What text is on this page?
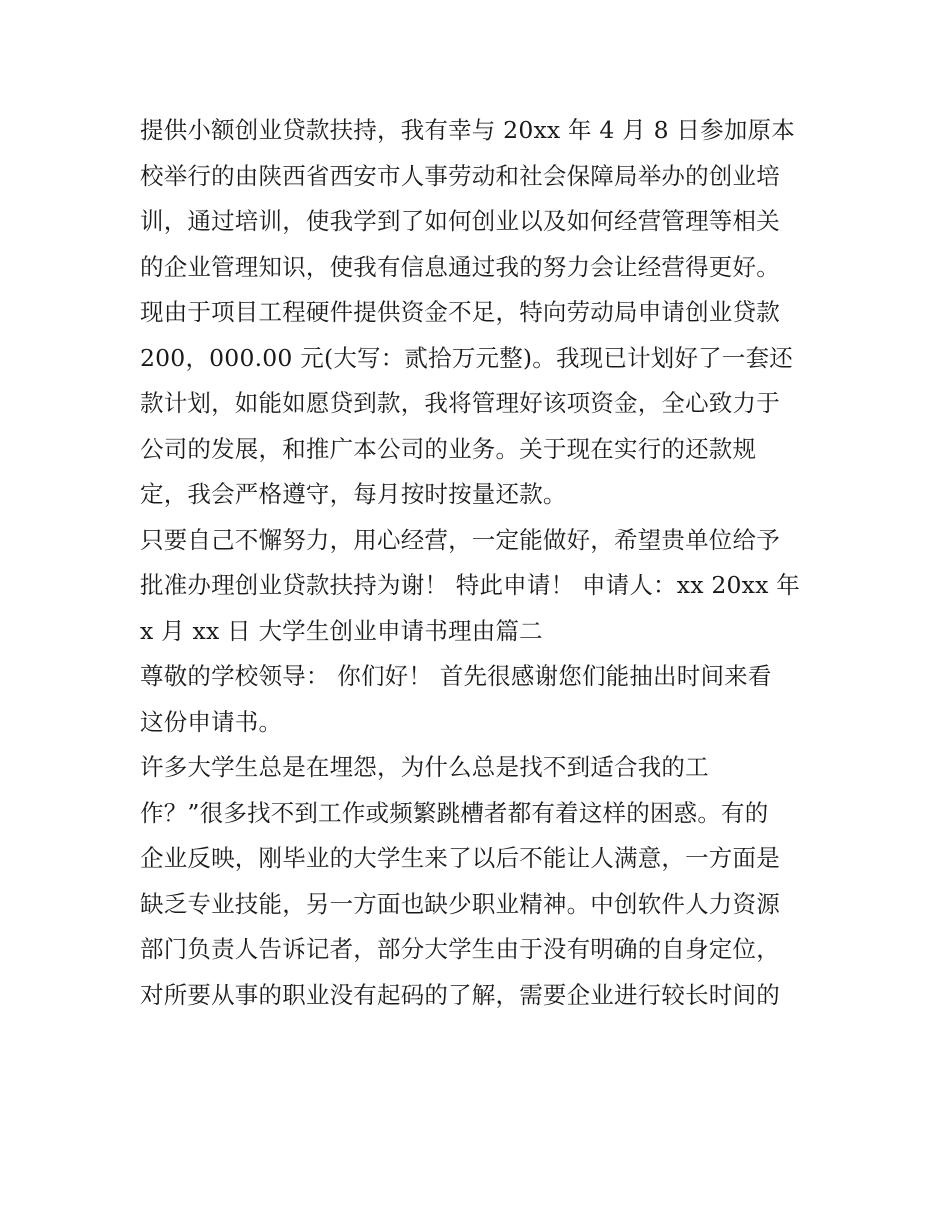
提供小额创业贷款扶持，我有幸与 20xx 年 4 月 8 日参加原本
校举行的由陕西省西安市人事劳动和社会保障局举办的创业培
训，通过培训，使我学到了如何创业以及如何经营管理等相关
的企业管理知识，使我有信息通过我的努力会让经营得更好。
现由于项目工程硬件提供资金不足，特向劳动局申请创业贷款
200，000.00 元(大写：贰拾万元整)。我现已计划好了一套还
款计划，如能如愿贷到款，我将管理好该项资金，全心致力于
公司的发展，和推广本公司的业务。关于现在实行的还款规
定，我会严格遵守，每月按时按量还款。
只要自己不懈努力，用心经营，一定能做好，希望贵单位给予
批准办理创业贷款扶持为谢！ 特此申请！ 申请人：xx 20xx 年
x 月 xx 日 大学生创业申请书理由篇二
尊敬的学校领导： 你们好！ 首先很感谢您们能抽出时间来看
这份申请书。
许多大学生总是在埋怨，为什么总是找不到适合我的工
作？”很多找不到工作或频繁跳槽者都有着这样的困惑。有的
企业反映，刚毕业的大学生来了以后不能让人满意，一方面是
缺乏专业技能，另一方面也缺少职业精神。中创软件人力资源
部门负责人告诉记者，部分大学生由于没有明确的自身定位，
对所要从事的职业没有起码的了解，需要企业进行较长时间的
